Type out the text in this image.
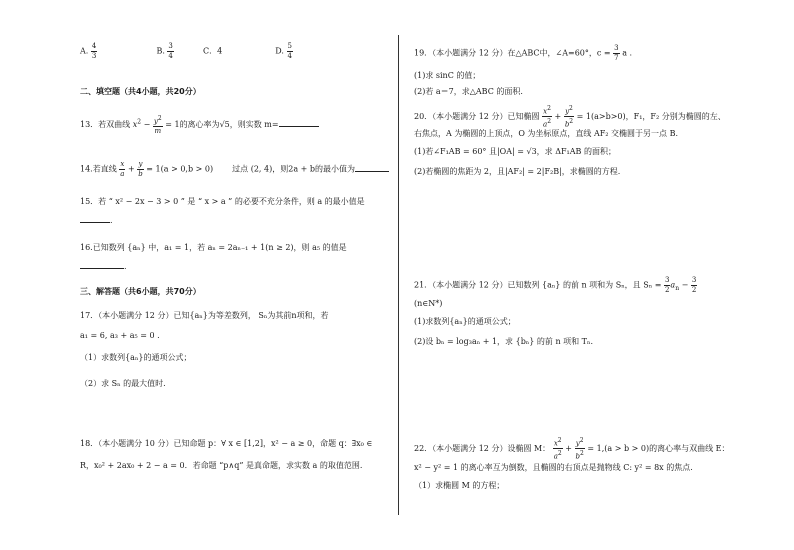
A. $\frac{4}{3}$	B. $\frac{3}{4}$	C．4	D. $\frac{5}{4}$
二、填空题（共4小题，共20分）
13．若双曲线 $x^2 - \frac{y^2}{m} = 1$的离心率为√5，则实数 m=
14.若直线 $\frac{x}{a} + \frac{y}{b} = 1(a > 0,b > 0)$ 过点 (2, 4)，则2a + b的最小值为
15．若 “ x² − 2x − 3 > 0 ” 是 “ x > a ” 的必要不充分条件，则 a 的最小值是
.
16.已知数列 {aₙ} 中，a₁ = 1，若 aₙ = 2aₙ₋₁ + 1(n ≥ 2)，则 a₅ 的值是
.
三、解答题（共6小题，共70分）
17．（本小题满分 12 分）已知{aₙ}为等差数列， Sₙ为其前n项和，若
a₁ = 6, a₃ + a₅ = 0 .
（1）求数列{aₙ}的通项公式；
（2）求 Sₙ 的最大值时.
18．（本小题满分 10 分）已知命题 p：∀ x ∈ [1,2]，x² − a ≥ 0，命题 q：∃x₀ ∈
R，x₀² + 2ax₀ + 2 − a = 0．若命题 “p∧q” 是真命题，求实数 a 的取值范围.
19．（本小题满分 12 分）在△ABC中，∠A=60°，$c = \frac{3}{7}$ a .
(1)求 sinC 的值；
(2)若 a＝7，求△ABC 的面积.
20．（本小题满分 12 分）已知椭圆 $\frac{x^2}{a^2} + \frac{y^2}{b^2} = 1(a>b>0)$，F₁，F₂ 分别为椭圆的左、
右焦点，A 为椭圆的上顶点，O 为坐标原点，直线 AF₂ 交椭圆于另一点 B.
(1)若∠F₁AB = 60° 且|OA| = √3，求 ΔF₁AB 的面积；
(2)若椭圆的焦距为 2，且|AF₂| = 2|F₂B|，求椭圆的方程.
21．（本小题满分 12 分）已知数列 {aₙ} 的前 n 项和为 Sₙ，且 $S_n = \frac{3}{2} a_n - \frac{3}{2}$
(n∈N*)
(1)求数列{aₙ}的通项公式；
(2)设 bₙ = log₃aₙ + 1，求 {bₙ} 的前 n 项和 Tₙ.
22．（本小题满分 12 分）设椭圆 M： $\frac{x^2}{a^2} + \frac{y^2}{b^2} = 1,(a > b > 0)$的离心率与双曲线 E：
x² − y² = 1 的离心率互为倒数，且椭圆的右顶点是抛物线 C: y² = 8x 的焦点.
（1）求椭圆 M 的方程；
